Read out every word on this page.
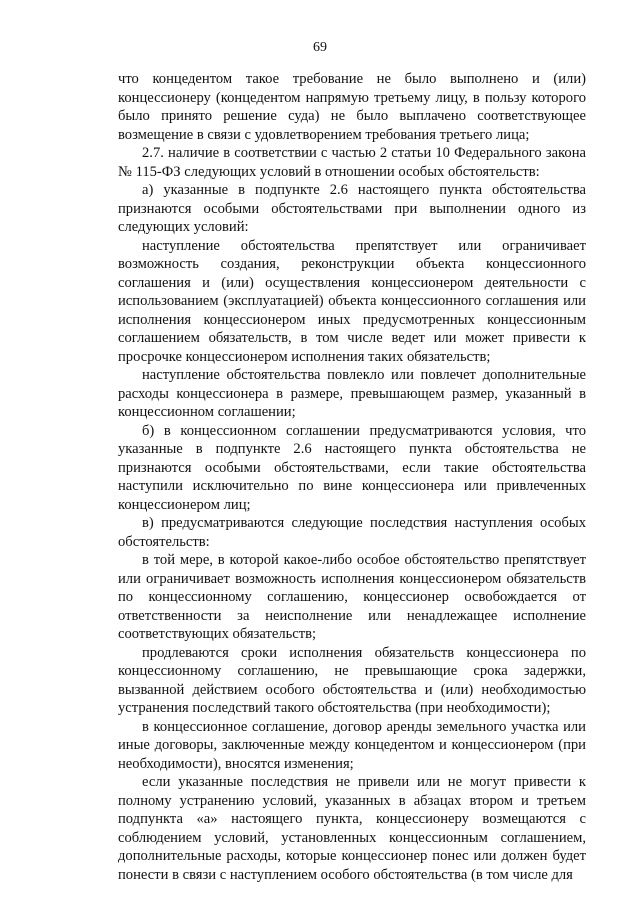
69

что концедентом такое требование не было выполнено и (или) концессионеру (концедентом напрямую третьему лицу, в пользу которого было принято решение суда) не было выплачено соответствующее возмещение в связи с удовлетворением требования третьего лица;

2.7. наличие в соответствии с частью 2 статьи 10 Федерального закона № 115-ФЗ следующих условий в отношении особых обстоятельств:

а) указанные в подпункте 2.6 настоящего пункта обстоятельства признаются особыми обстоятельствами при выполнении одного из следующих условий:

наступление обстоятельства препятствует или ограничивает возможность создания, реконструкции объекта концессионного соглашения и (или) осуществления концессионером деятельности с использованием (эксплуатацией) объекта концессионного соглашения или исполнения концессионером иных предусмотренных концессионным соглашением обязательств, в том числе ведет или может привести к просрочке концессионером исполнения таких обязательств;

наступление обстоятельства повлекло или повлечет дополнительные расходы концессионера в размере, превышающем размер, указанный в концессионном соглашении;

б) в концессионном соглашении предусматриваются условия, что указанные в подпункте 2.6 настоящего пункта обстоятельства не признаются особыми обстоятельствами, если такие обстоятельства наступили исключительно по вине концессионера или привлеченных концессионером лиц;

в) предусматриваются следующие последствия наступления особых обстоятельств:

в той мере, в которой какое-либо особое обстоятельство препятствует или ограничивает возможность исполнения концессионером обязательств по концессионному соглашению, концессионер освобождается от ответственности за неисполнение или ненадлежащее исполнение соответствующих обязательств;

продлеваются сроки исполнения обязательств концессионера по концессионному соглашению, не превышающие срока задержки, вызванной действием особого обстоятельства и (или) необходимостью устранения последствий такого обстоятельства (при необходимости);

в концессионное соглашение, договор аренды земельного участка или иные договоры, заключенные между концедентом и концессионером (при необходимости), вносятся изменения;

если указанные последствия не привели или не могут привести к полному устранению условий, указанных в абзацах втором и третьем подпункта «а» настоящего пункта, концессионеру возмещаются с соблюдением условий, установленных концессионным соглашением, дополнительные расходы, которые концессионер понес или должен будет понести в связи с наступлением особого обстоятельства (в том числе для
